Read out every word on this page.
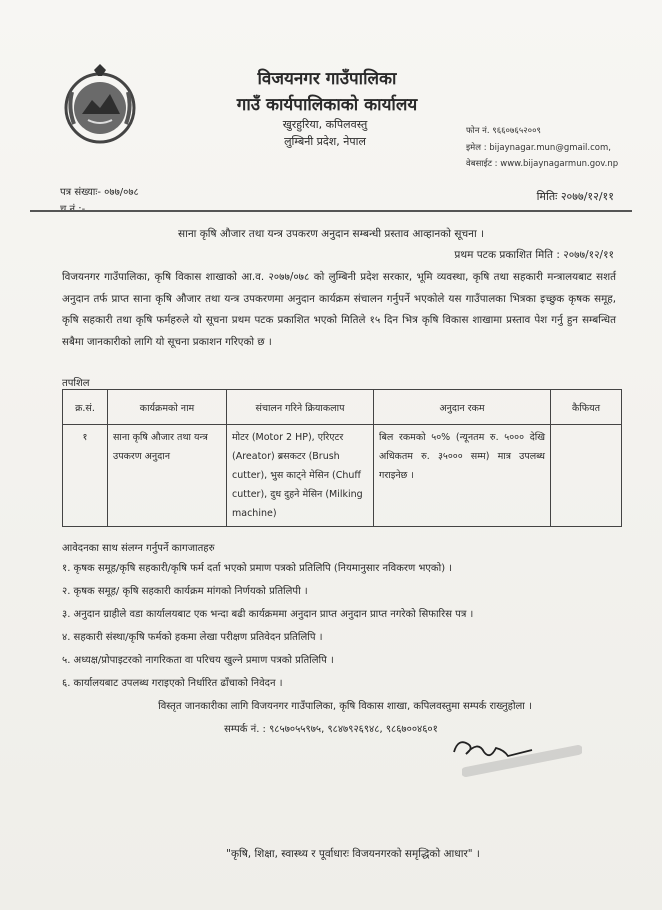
विजयनगर गाउँपालिका
गाउँ कार्यपालिकाको कार्यालय
खुरहुरिया, कपिलवस्तु
लुम्बिनी प्रदेश, नेपाल
फोन नं. ९६६०७६५२००९
इमेल : bijaynagar.mun@gmail.com,
वेबसाईट : www.bijaynagarmun.gov.np
पत्र संख्याः- ०७७/०७८	मितिः २०७७/१२/११
साना कृषि औजार तथा यन्त्र उपकरण अनुदान सम्बन्धी प्रस्ताव आव्हानको सूचना ।
प्रथम पटक प्रकाशित मिति : २०७७/१२/११
विजयनगर गाउँपालिका, कृषि विकास शाखाको आ.व. २०७७/०७८ को लुम्बिनी प्रदेश सरकार, भूमि व्यवस्था, कृषि तथा सहकारी मन्त्रालयबाट सशर्त अनुदान तर्फ प्राप्त साना कृषि औजार तथा यन्त्र उपकरणमा अनुदान कार्यक्रम संचालन गर्नुपर्ने भएकोले यस गाउँपालका भित्रका इच्छुक कृषक समूह, कृषि सहकारी तथा कृषि फर्महरुले यो सूचना प्रथम पटक प्रकाशित भएको मितिले १५ दिन भित्र कृषि विकास शाखामा प्रस्ताव पेश गर्नु हुन सम्बन्धित सबैमा जानकारीको लागि यो सूचना प्रकाशन गरिएको छ ।
तपशिल
क्र.सं.	कार्यक्रमको नाम	संचालन गरिने क्रियाकलाप	अनुदान रकम	कैफियत
१	साना कृषि औजार तथा यन्त्र उपकरण अनुदान	मोटर (Motor 2 HP), एरिएटर (Areator) ब्रसकटर (Brush cutter), भुस काट्ने मेसिन (Chuff cutter), दुध दुहने मेसिन (Milking machine)	बिल रकमको ५०% (न्यूनतम रु. ५००० देखि अधिकतम रु. ३५००० सम्म) मात्र उपलब्ध गराइनेछ ।	
आवेदनका साथ संलग्न गर्नुपर्ने कागजातहरु
१. कृषक समूह/कृषि सहकारी/कृषि फर्म दर्ता भएको प्रमाण पत्रको प्रतिलिपि (नियमानुसार नविकरण भएको) ।
२. कृषक समूह/ कृषि सहकारी कार्यक्रम मांगको निर्णयको प्रतिलिपी ।
३. अनुदान ग्राहीले वडा कार्यालयबाट एक भन्दा बढी कार्यक्रममा अनुदान प्राप्त अनुदान प्राप्त नगरेको सिफारिस पत्र ।
४. सहकारी संस्था/कृषि फर्मको हकमा लेखा परीक्षण प्रतिवेदन प्रतिलिपि ।
५. अध्यक्ष/प्रोपाइटरको नागरिकता वा परिचय खुल्ने प्रमाण पत्रको प्रतिलिपि ।
६. कार्यालयबाट उपलब्ध गराइएको निर्धारित ढाँचाको निवेदन ।
विस्तृत जानकारीका लागि विजयनगर गाउँपालिका, कृषि विकास शाखा, कपिलवस्तुमा सम्पर्क राख्नुहोला ।
सम्पर्क नं. : ९८५७०५५९७५, ९८४७९२६९४८, ९८६७००४६०१
"कृषि, शिक्षा, स्वास्थ्य र पूर्वाधारः विजयनगरको समृद्धिको आधार" ।
